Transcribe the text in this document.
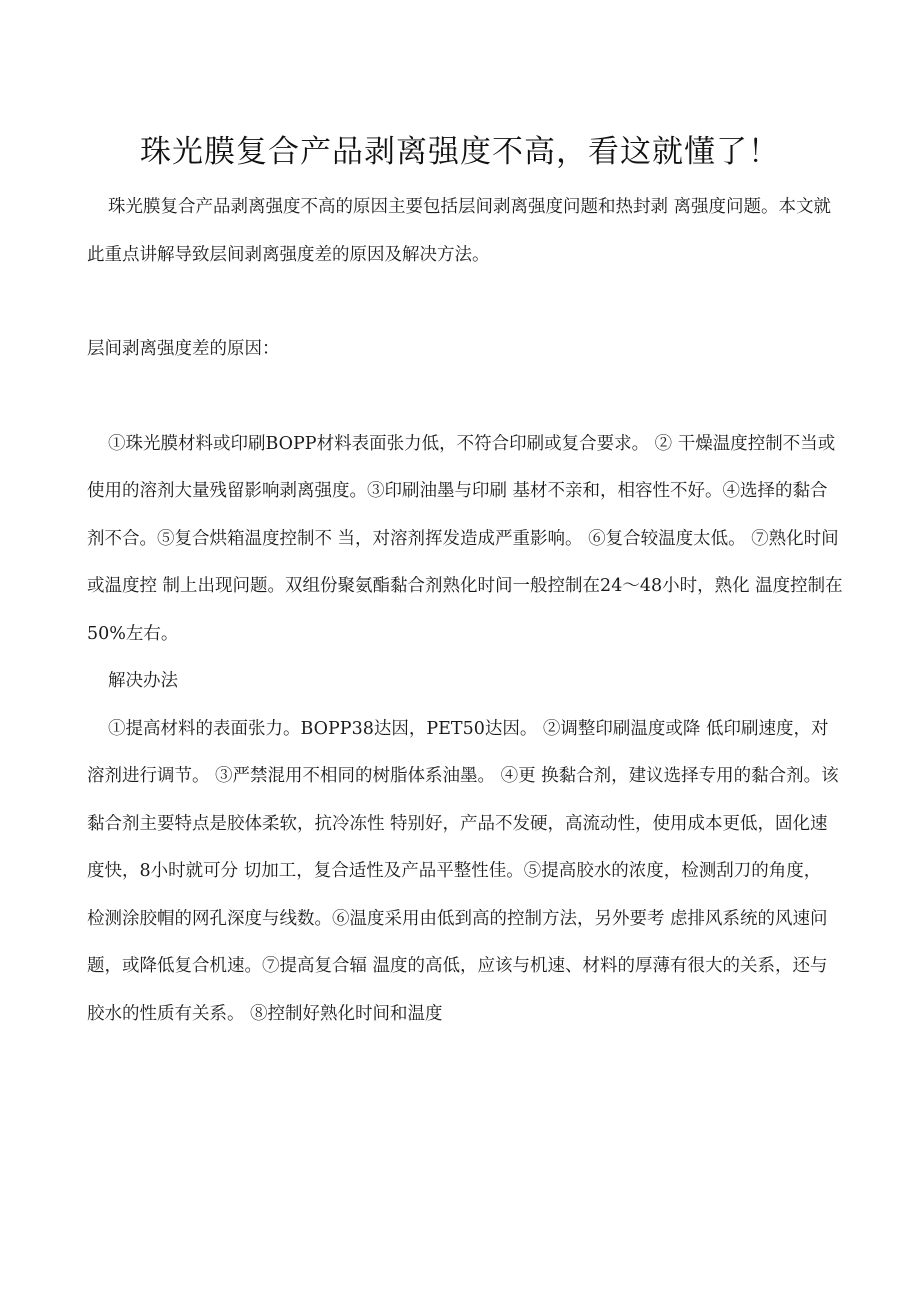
珠光膜复合产品剥离强度不高，看这就懂了！

珠光膜复合产品剥离强度不高的原因主要包括层间剥离强度问题和热封剥 离强度问题。本文就此重点讲解导致层间剥离强度差的原因及解决方法。

层间剥离强度差的原因：

①珠光膜材料或印刷BOPP材料表面张力低，不符合印刷或复合要求。 ② 干燥温度控制不当或使用的溶剂大量残留影响剥离强度。③印刷油墨与印刷 基材不亲和，相容性不好。④选择的黏合剂不合。⑤复合烘箱温度控制不 当，对溶剂挥发造成严重影响。 ⑥复合较温度太低。 ⑦熟化时间或温度控 制上出现问题。双组份聚氨酯黏合剂熟化时间一般控制在24～48小时，熟化 温度控制在50%左右。

解决办法

①提高材料的表面张力。BOPP38达因，PET50达因。 ②调整印刷温度或降 低印刷速度，对溶剂进行调节。 ③严禁混用不相同的树脂体系油墨。 ④更 换黏合剂，建议选择专用的黏合剂。该黏合剂主要特点是胶体柔软，抗冷冻性 特别好，产品不发硬，高流动性，使用成本更低，固化速度快，8小时就可分 切加工，复合适性及产品平整性佳。⑤提高胶水的浓度，检测刮刀的角度， 检测涂胶帽的网孔深度与线数。⑥温度采用由低到高的控制方法，另外要考 虑排风系统的风速问题，或降低复合机速。⑦提高复合辐 温度的高低，应该与机速、材料的厚薄有很大的关系，还与胶水的性质有关系。 ⑧控制好熟化时间和温度
